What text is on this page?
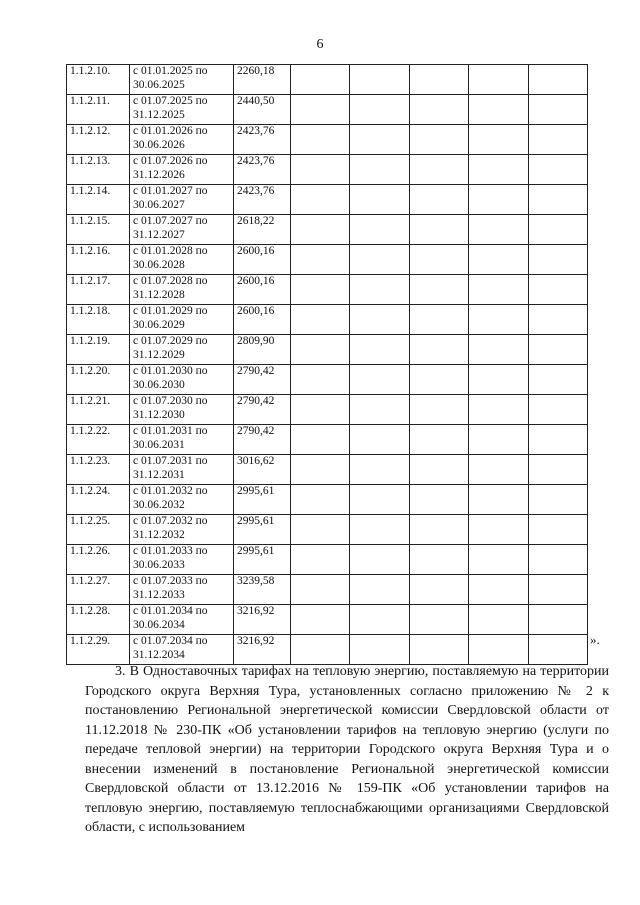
6
1.1.2.10.	с 01.01.2025 по
30.06.2025	2260,18					
1.1.2.11.	с 01.07.2025 по
31.12.2025	2440,50					
1.1.2.12.	с 01.01.2026 по
30.06.2026	2423,76					
1.1.2.13.	с 01.07.2026 по
31.12.2026	2423,76					
1.1.2.14.	с 01.01.2027 по
30.06.2027	2423,76					
1.1.2.15.	с 01.07.2027 по
31.12.2027	2618,22					
1.1.2.16.	с 01.01.2028 по
30.06.2028	2600,16					
1.1.2.17.	с 01.07.2028 по
31.12.2028	2600,16					
1.1.2.18.	с 01.01.2029 по
30.06.2029	2600,16					
1.1.2.19.	с 01.07.2029 по
31.12.2029	2809,90					
1.1.2.20.	с 01.01.2030 по
30.06.2030	2790,42					
1.1.2.21.	с 01.07.2030 по
31.12.2030	2790,42					
1.1.2.22.	с 01.01.2031 по
30.06.2031	2790,42					
1.1.2.23.	с 01.07.2031 по
31.12.2031	3016,62					
1.1.2.24.	с 01.01.2032 по
30.06.2032	2995,61					
1.1.2.25.	с 01.07.2032 по
31.12.2032	2995,61					
1.1.2.26.	с 01.01.2033 по
30.06.2033	2995,61					
1.1.2.27.	с 01.07.2033 по
31.12.2033	3239,58					
1.1.2.28.	с 01.01.2034 по
30.06.2034	3216,92					
1.1.2.29.	с 01.07.2034 по
31.12.2034	3216,92						».

3. В Одноставочных тарифах на тепловую энергию, поставляемую на территории Городского округа Верхняя Тура, установленных согласно приложению № 2 к постановлению Региональной энергетической комиссии Свердловской области от 11.12.2018 № 230-ПК «Об установлении тарифов на тепловую энергию (услуги по передаче тепловой энергии) на территории Городского округа Верхняя Тура и о внесении изменений в постановление Региональной энергетической комиссии Свердловской области от 13.12.2016 № 159-ПК «Об установлении тарифов на тепловую энергию, поставляемую теплоснабжающими организациями Свердловской области, с использованием
